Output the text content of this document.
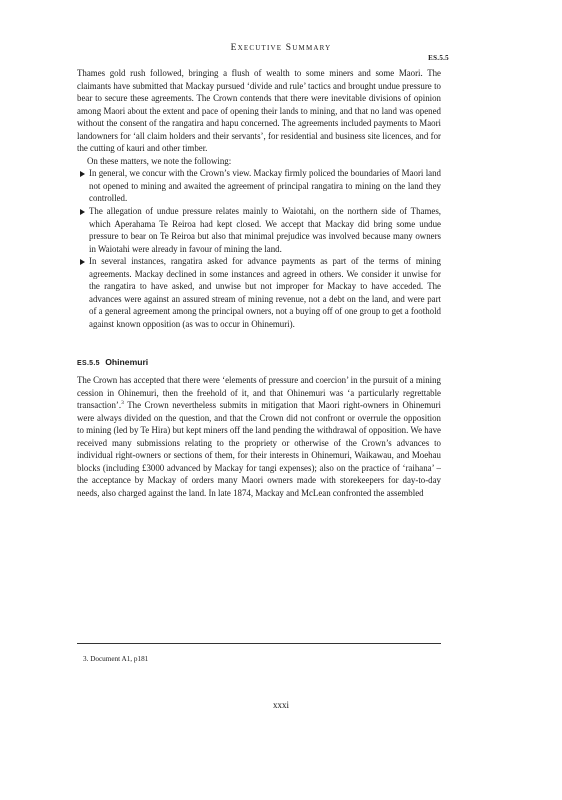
Executive Summary
ES.5.5

Thames gold rush followed, bringing a flush of wealth to some miners and some Maori. The claimants have submitted that Mackay pursued ‘divide and rule’ tactics and brought undue pressure to bear to secure these agreements. The Crown contends that there were inevitable divisions of opinion among Maori about the extent and pace of opening their lands to mining, and that no land was opened without the consent of the rangatira and hapu concerned. The agreements included payments to Maori landowners for ‘all claim holders and their servants’, for residential and business site licences, and for the cutting of kauri and other timber.

On these matters, we note the following:

In general, we concur with the Crown’s view. Mackay firmly policed the boundaries of Maori land not opened to mining and awaited the agreement of principal rangatira to mining on the land they controlled.
The allegation of undue pressure relates mainly to Waiotahi, on the northern side of Thames, which Aperahama Te Reiroa had kept closed. We accept that Mackay did bring some undue pressure to bear on Te Reiroa but also that minimal prejudice was involved because many owners in Waiotahi were already in favour of mining the land.
In several instances, rangatira asked for advance payments as part of the terms of mining agreements. Mackay declined in some instances and agreed in others. We consider it unwise for the rangatira to have asked, and unwise but not improper for Mackay to have acceded. The advances were against an assured stream of mining revenue, not a debt on the land, and were part of a general agreement among the principal owners, not a buying off of one group to get a foothold against known opposition (as was to occur in Ohinemuri).
ES.5.5 Ohinemuri

The Crown has accepted that there were ‘elements of pressure and coercion’ in the pursuit of a mining cession in Ohinemuri, then the freehold of it, and that Ohinemuri was ‘a particularly regrettable transaction’.$^3$ The Crown nevertheless submits in mitigation that Maori right-owners in Ohinemuri were always divided on the question, and that the Crown did not confront or overrule the opposition to mining (led by Te Hira) but kept miners off the land pending the withdrawal of opposition. We have received many submissions relating to the propriety or otherwise of the Crown’s advances to individual right-owners or sections of them, for their interests in Ohinemuri, Waikawau, and Moehau blocks (including £3000 advanced by Mackay for tangi expenses); also on the practice of ‘raihana’ – the acceptance by Mackay of orders many Maori owners made with storekeepers for day-to-day needs, also charged against the land. In late 1874, Mackay and McLean confronted the assembled

3. Document A1, p181
xxxi
